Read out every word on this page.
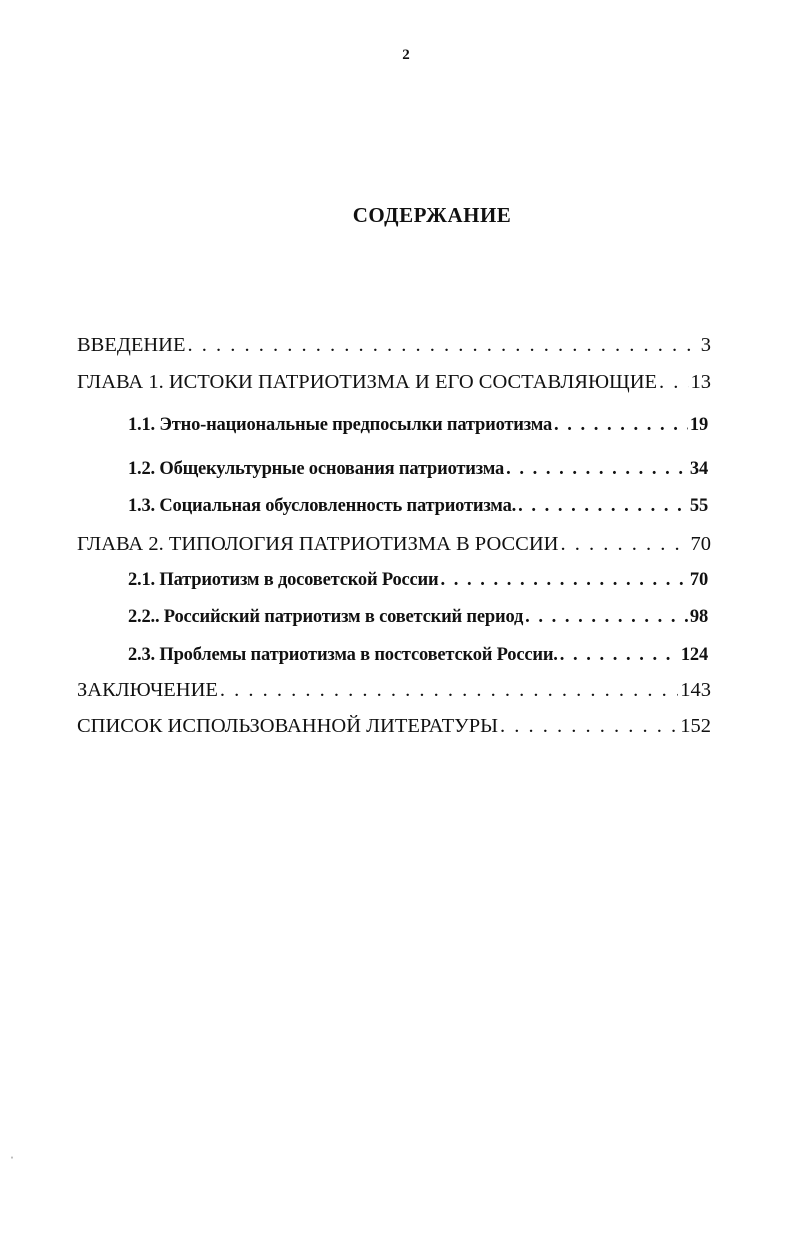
2
СОДЕРЖАНИЕ
ВВЕДЕНИЕ . . .	3
ГЛАВА 1. ИСТОКИ ПАТРИОТИЗМА И ЕГО СОСТАВЛЯЮЩИЕ . . . 13
1.1. Этно-национальные предпосылки патриотизма . . .	19
1.2. Общекультурные основания патриотизма . . .	34
1.3. Социальная обусловленность патриотизма. . . .	55
ГЛАВА 2. ТИПОЛОГИЯ ПАТРИОТИЗМА В РОССИИ . . .	70
2.1. Патриотизм в досоветской России . . .	70
2.2.. Российский патриотизм в советский период . . .	98
2.3. Проблемы патриотизма в постсоветской России. . . .	124
ЗАКЛЮЧЕНИЕ . . .	143
СПИСОК ИСПОЛЬЗОВАННОЙ ЛИТЕРАТУРЫ . . .	152
ˌ
